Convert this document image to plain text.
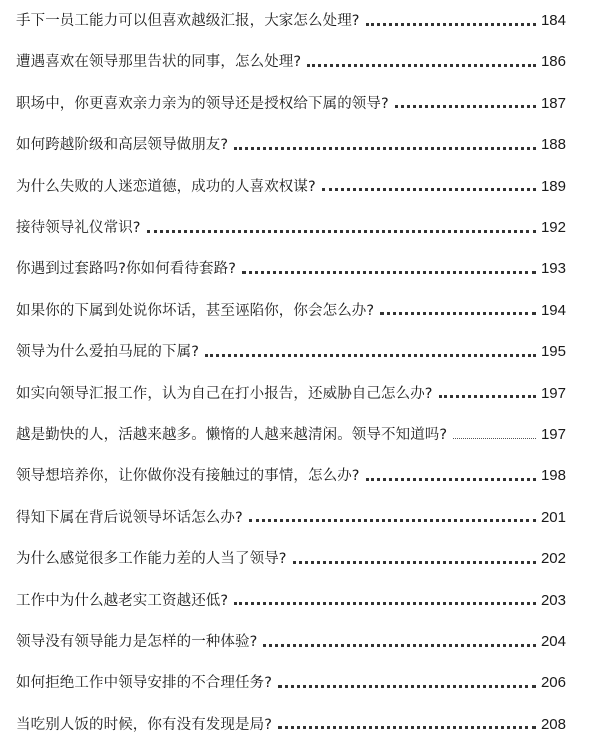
手下一员工能力可以但喜欢越级汇报，大家怎么处理?	184
遭遇喜欢在领导那里告状的同事，怎么处理?	186
职场中，你更喜欢亲力亲为的领导还是授权给下属的领导?	187
如何跨越阶级和高层领导做朋友?	188
为什么失败的人迷恋道德，成功的人喜欢权谋?	189
接待领导礼仪常识?	192
你遇到过套路吗?你如何看待套路?	193
如果你的下属到处说你坏话，甚至诬陷你，你会怎么办?	194
领导为什么爱拍马屁的下属?	195
如实向领导汇报工作，认为自己在打小报告，还威胁自己怎么办?	197
越是勤快的人，活越来越多。懒惰的人越来越清闲。领导不知道吗?	197
领导想培养你，让你做你没有接触过的事情，怎么办?	198
得知下属在背后说领导坏话怎么办?	201
为什么感觉很多工作能力差的人当了领导?	202
工作中为什么越老实工资越还低?	203
领导没有领导能力是怎样的一种体验?	204
如何拒绝工作中领导安排的不合理任务?	206
当吃别人饭的时候，你有没有发现是局?	208
